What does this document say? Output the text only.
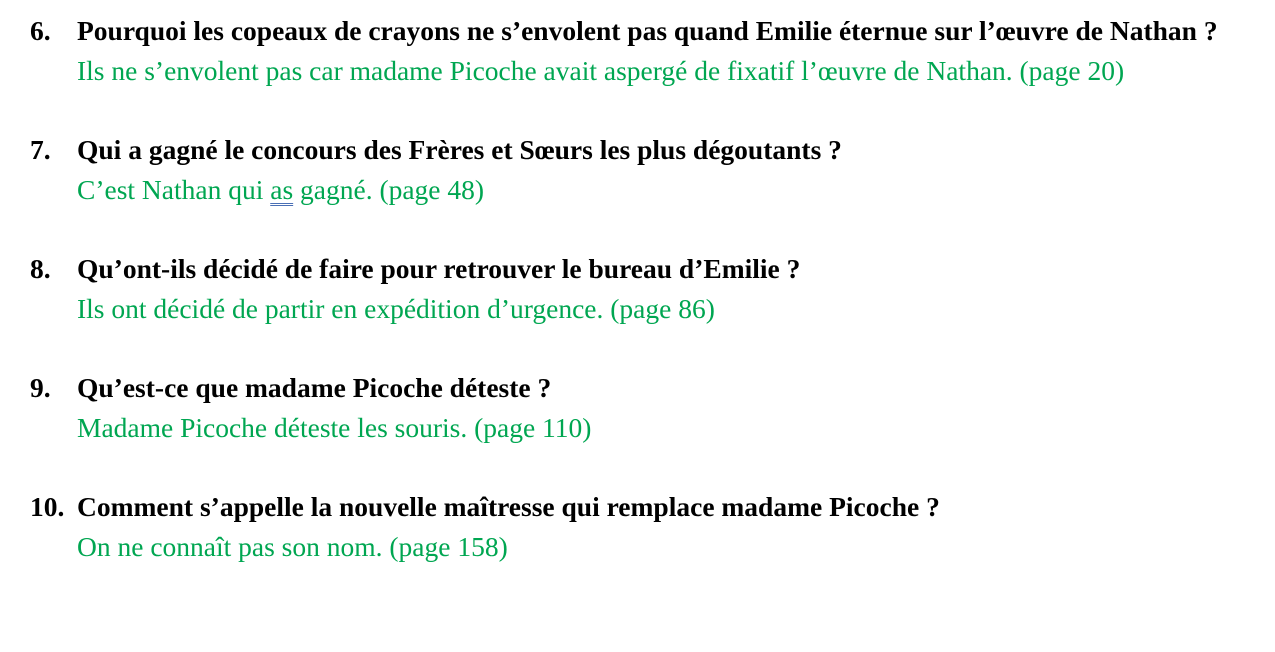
6. Pourquoi les copeaux de crayons ne s’envolent pas quand Emilie éternue sur l’œuvre de Nathan ?
Ils ne s’envolent pas car madame Picoche avait aspergé de fixatif l’œuvre de Nathan. (page 20)
7. Qui a gagné le concours des Frères et Sœurs les plus dégoutants ?
C’est Nathan qui as gagné. (page 48)
8. Qu’ont-ils décidé de faire pour retrouver le bureau d’Emilie ?
Ils ont décidé de partir en expédition d’urgence. (page 86)
9. Qu’est-ce que madame Picoche déteste ?
Madame Picoche déteste les souris. (page 110)
10. Comment s’appelle la nouvelle maîtresse qui remplace madame Picoche ?
On ne connaît pas son nom. (page 158)
